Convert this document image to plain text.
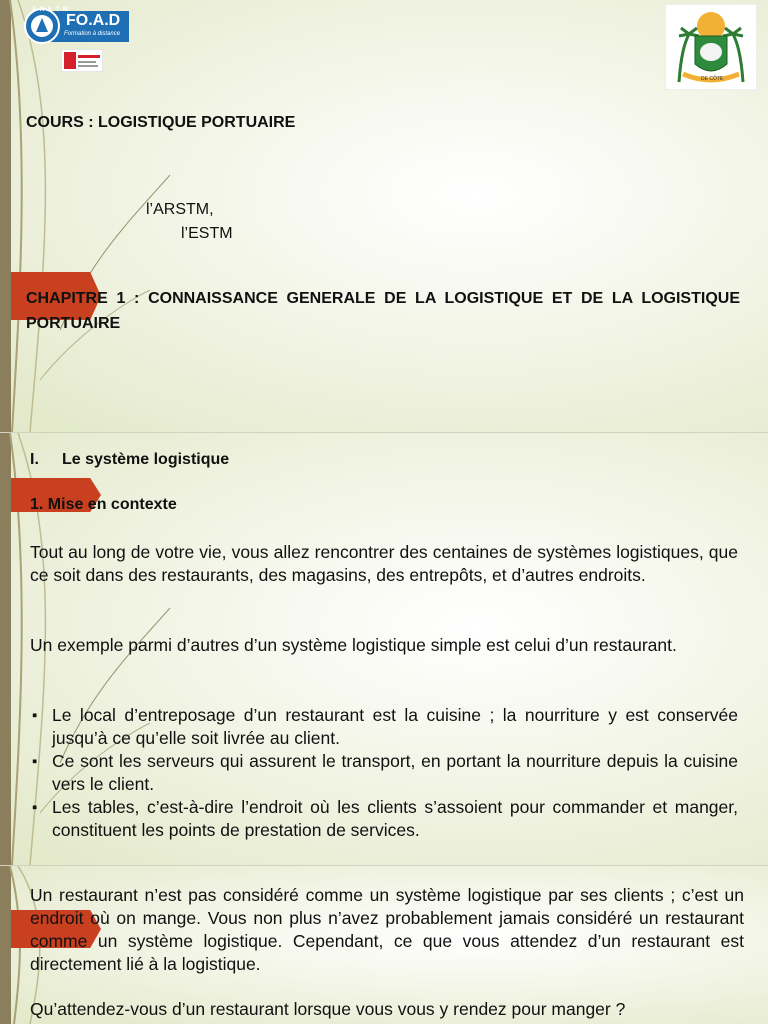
A R S T M
FO.A.D
Formation à distance
DE CÔTE
COURS : LOGISTIQUE PORTUAIRE
l’ARSTM,
l’ESTM
CHAPITRE 1 : CONNAISSANCE GENERALE DE LA LOGISTIQUE ET DE LA LOGISTIQUE PORTUAIRE
I. Le système logistique
1. Mise en contexte
Tout au long de votre vie, vous allez rencontrer des centaines de systèmes logistiques, que ce soit dans des restaurants, des magasins, des entrepôts, et d’autres endroits.
Un exemple parmi d’autres d’un système logistique simple est celui d’un restaurant.
▪ Le local d’entreposage d’un restaurant est la cuisine ; la nourriture y est conservée jusqu’à ce qu’elle soit livrée au client.
▪ Ce sont les serveurs qui assurent le transport, en portant la nourriture depuis la cuisine vers le client.
▪ Les tables, c’est-à-dire l’endroit où les clients s’assoient pour commander et manger, constituent les points de prestation de services.
Un restaurant n’est pas considéré comme un système logistique par ses clients ; c’est un endroit où on mange. Vous non plus n’avez probablement jamais considéré un restaurant comme un système logistique. Cependant, ce que vous attendez d’un restaurant est directement lié à la logistique.
Qu’attendez-vous d’un restaurant lorsque vous vous y rendez pour manger ?
